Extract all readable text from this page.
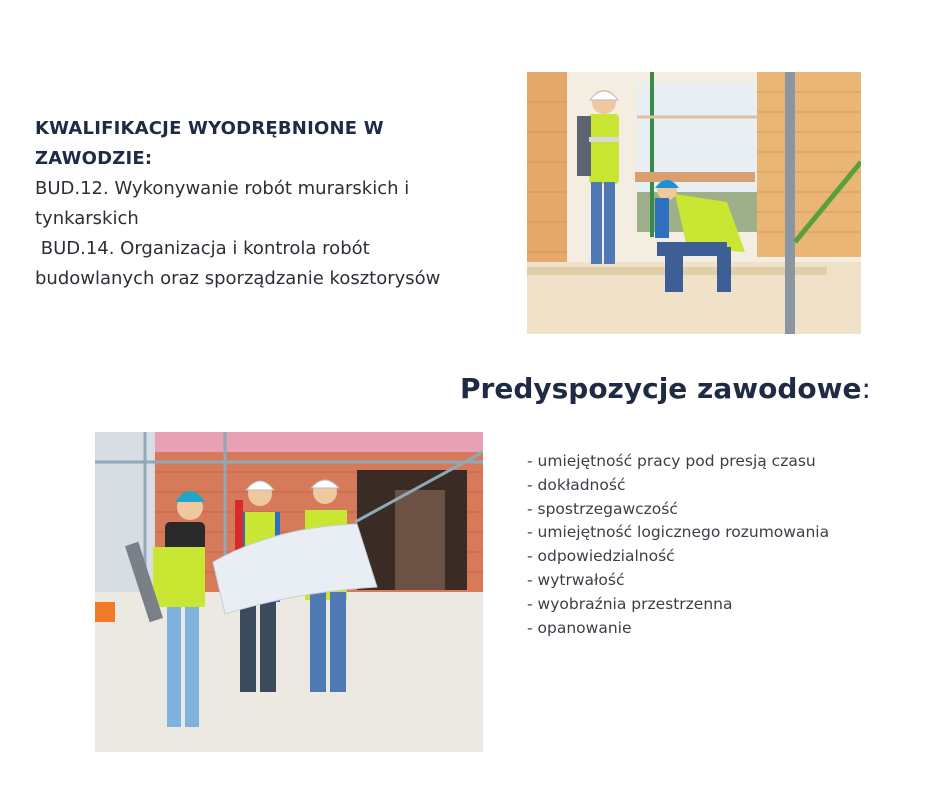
KWALIFIKACJE WYODRĘBNIONE W
ZAWODZIE:
BUD.12. Wykonywanie robót murarskich i
tynkarskich
BUD.14. Organizacja i kontrola robót
budowlanych oraz sporządzanie kosztorysów
Predyspozycje zawodowe:
- umiejętność pracy pod presją czasu
- dokładność
- spostrzegawczość
- umiejętność logicznego rozumowania
- odpowiedzialność
- wytrwałość
- wyobraźnia przestrzenna
- opanowanie
